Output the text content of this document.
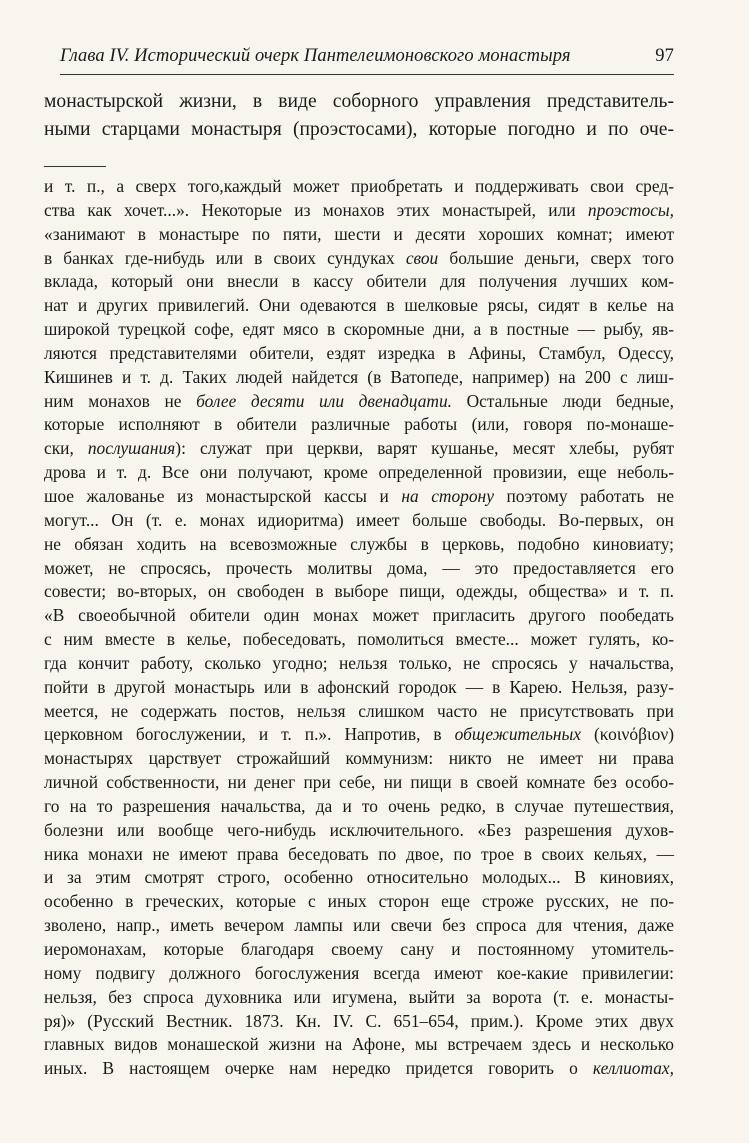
Глава IV. Исторический очерк Пантелеимоновского монастыря	97
монастырской жизни, в виде соборного управления представитель-
ными старцами монастыря (проэстосами), которые погодно и по оче-
и т. п., а сверх того,каждый может приобретать и поддерживать свои сред-
ства как хочет...». Некоторые из монахов этих монастырей, или проэстосы,
«занимают в монастыре по пяти, шести и десяти хороших комнат; имеют
в банках где-нибудь или в своих сундуках свои большие деньги, сверх того
вклада, который они внесли в кассу обители для получения лучших ком-
нат и других привилегий. Они одеваются в шелковые рясы, сидят в келье на
широкой турецкой софе, едят мясо в скоромные дни, а в постные — рыбу, яв-
ляются представителями обители, ездят изредка в Афины, Стамбул, Одессу,
Кишинев и т. д. Таких людей найдется (в Ватопеде, например) на 200 с лиш-
ним монахов не более десяти или двенадцати. Остальные люди бедные,
которые исполняют в обители различные работы (или, говоря по-монаше-
ски, послушания): служат при церкви, варят кушанье, месят хлебы, рубят
дрова и т. д. Все они получают, кроме определенной провизии, еще неболь-
шое жалованье из монастырской кассы и на сторону поэтому работать не
могут... Он (т. е. монах идиоритма) имеет больше свободы. Во-первых, он
не обязан ходить на всевозможные службы в церковь, подобно киновиату;
может, не спросясь, прочесть молитвы дома, — это предоставляется его
совести; во-вторых, он свободен в выборе пищи, одежды, общества» и т. п.
«В своеобычной обители один монах может пригласить другого пообедать
с ним вместе в келье, побеседовать, помолиться вместе... может гулять, ко-
гда кончит работу, сколько угодно; нельзя только, не спросясь у начальства,
пойти в другой монастырь или в афонский городок — в Карею. Нельзя, разу-
меется, не содержать постов, нельзя слишком часто не присутствовать при
церковном богослужении, и т. п.». Напротив, в общежительных (κοινόβιον)
монастырях царствует строжайший коммунизм: никто не имеет ни права
личной собственности, ни денег при себе, ни пищи в своей комнате без особо-
го на то разрешения начальства, да и то очень редко, в случае путешествия,
болезни или вообще чего-нибудь исключительного. «Без разрешения духов-
ника монахи не имеют права беседовать по двое, по трое в своих кельях, —
и за этим смотрят строго, особенно относительно молодых... В киновиях,
особенно в греческих, которые с иных сторон еще строже русских, не по-
зволено, напр., иметь вечером лампы или свечи без спроса для чтения, даже
иеромонахам, которые благодаря своему сану и постоянному утомитель-
ному подвигу должного богослужения всегда имеют кое-какие привилегии:
нельзя, без спроса духовника или игумена, выйти за ворота (т. е. монасты-
ря)» (Русский Вестник. 1873. Кн. IV. С. 651–654, прим.). Кроме этих двух
главных видов монашеской жизни на Афоне, мы встречаем здесь и несколько
иных. В настоящем очерке нам нередко придется говорить о келлиотах,
